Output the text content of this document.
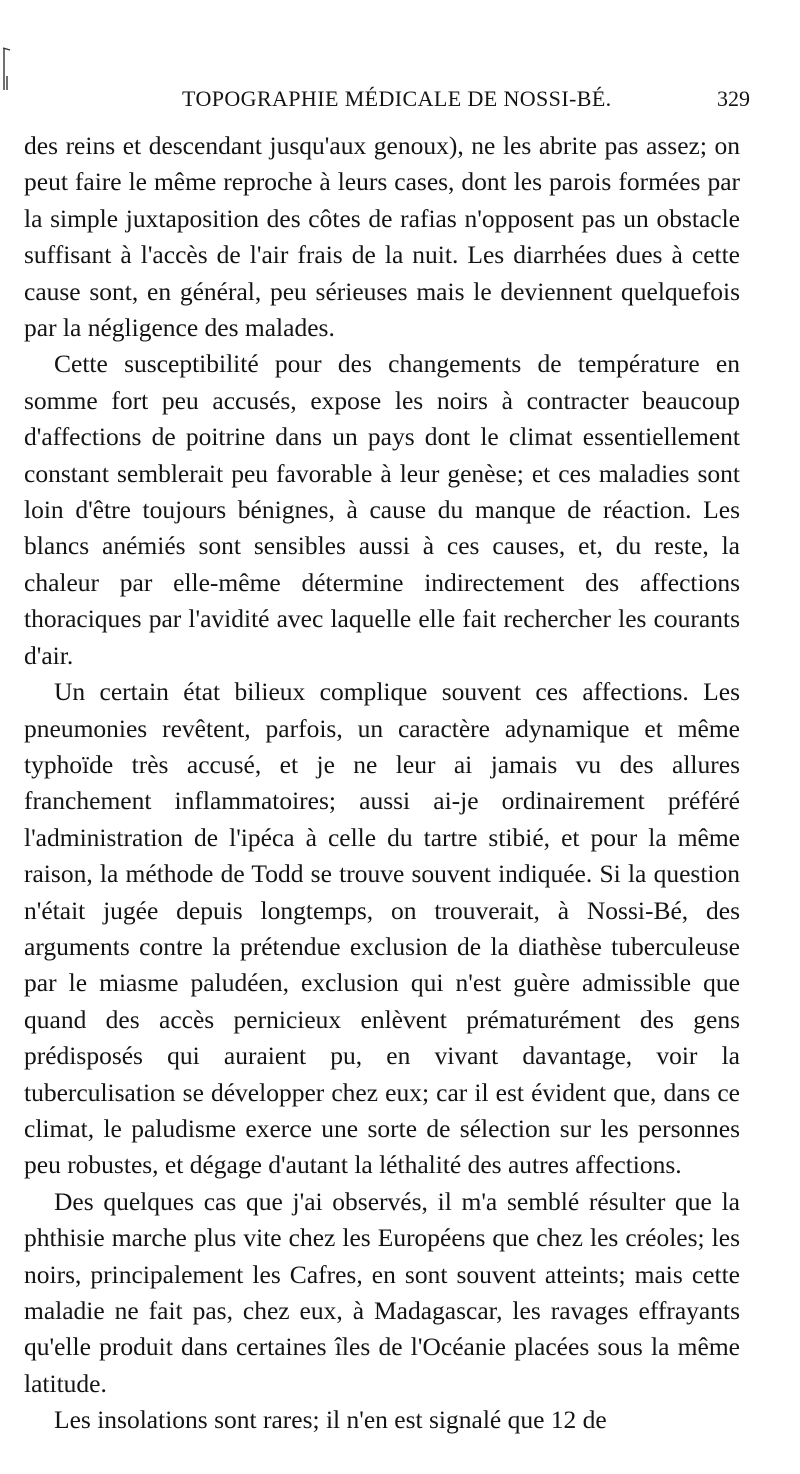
TOPOGRAPHIE MÉDICALE DE NOSSI-BÉ.	329

des reins et descendant jusqu'aux genoux), ne les abrite pas assez; on peut faire le même reproche à leurs cases, dont les parois formées par la simple juxtaposition des côtes de rafias n'opposent pas un obstacle suffisant à l'accès de l'air frais de la nuit. Les diarrhées dues à cette cause sont, en général, peu sérieuses mais le deviennent quelquefois par la négligence des malades.

Cette susceptibilité pour des changements de température en somme fort peu accusés, expose les noirs à contracter beaucoup d'affections de poitrine dans un pays dont le climat essentiellement constant semblerait peu favorable à leur genèse; et ces maladies sont loin d'être toujours bénignes, à cause du manque de réaction. Les blancs anémiés sont sensibles aussi à ces causes, et, du reste, la chaleur par elle-même détermine indirectement des affections thoraciques par l'avidité avec laquelle elle fait rechercher les courants d'air.

Un certain état bilieux complique souvent ces affections. Les pneumonies revêtent, parfois, un caractère adynamique et même typhoïde très accusé, et je ne leur ai jamais vu des allures franchement inflammatoires; aussi ai-je ordinairement préféré l'administration de l'ipéca à celle du tartre stibié, et pour la même raison, la méthode de Todd se trouve souvent indiquée. Si la question n'était jugée depuis longtemps, on trouverait, à Nossi-Bé, des arguments contre la prétendue exclusion de la diathèse tuberculeuse par le miasme paludéen, exclusion qui n'est guère admissible que quand des accès pernicieux enlèvent prématurément des gens prédisposés qui auraient pu, en vivant davantage, voir la tuberculisation se développer chez eux; car il est évident que, dans ce climat, le paludisme exerce une sorte de sélection sur les personnes peu robustes, et dégage d'autant la léthalité des autres affections.

Des quelques cas que j'ai observés, il m'a semblé résulter que la phthisie marche plus vite chez les Européens que chez les créoles; les noirs, principalement les Cafres, en sont souvent atteints; mais cette maladie ne fait pas, chez eux, à Madagascar, les ravages effrayants qu'elle produit dans certaines îles de l'Océanie placées sous la même latitude.

Les insolations sont rares; il n'en est signalé que 12 de
